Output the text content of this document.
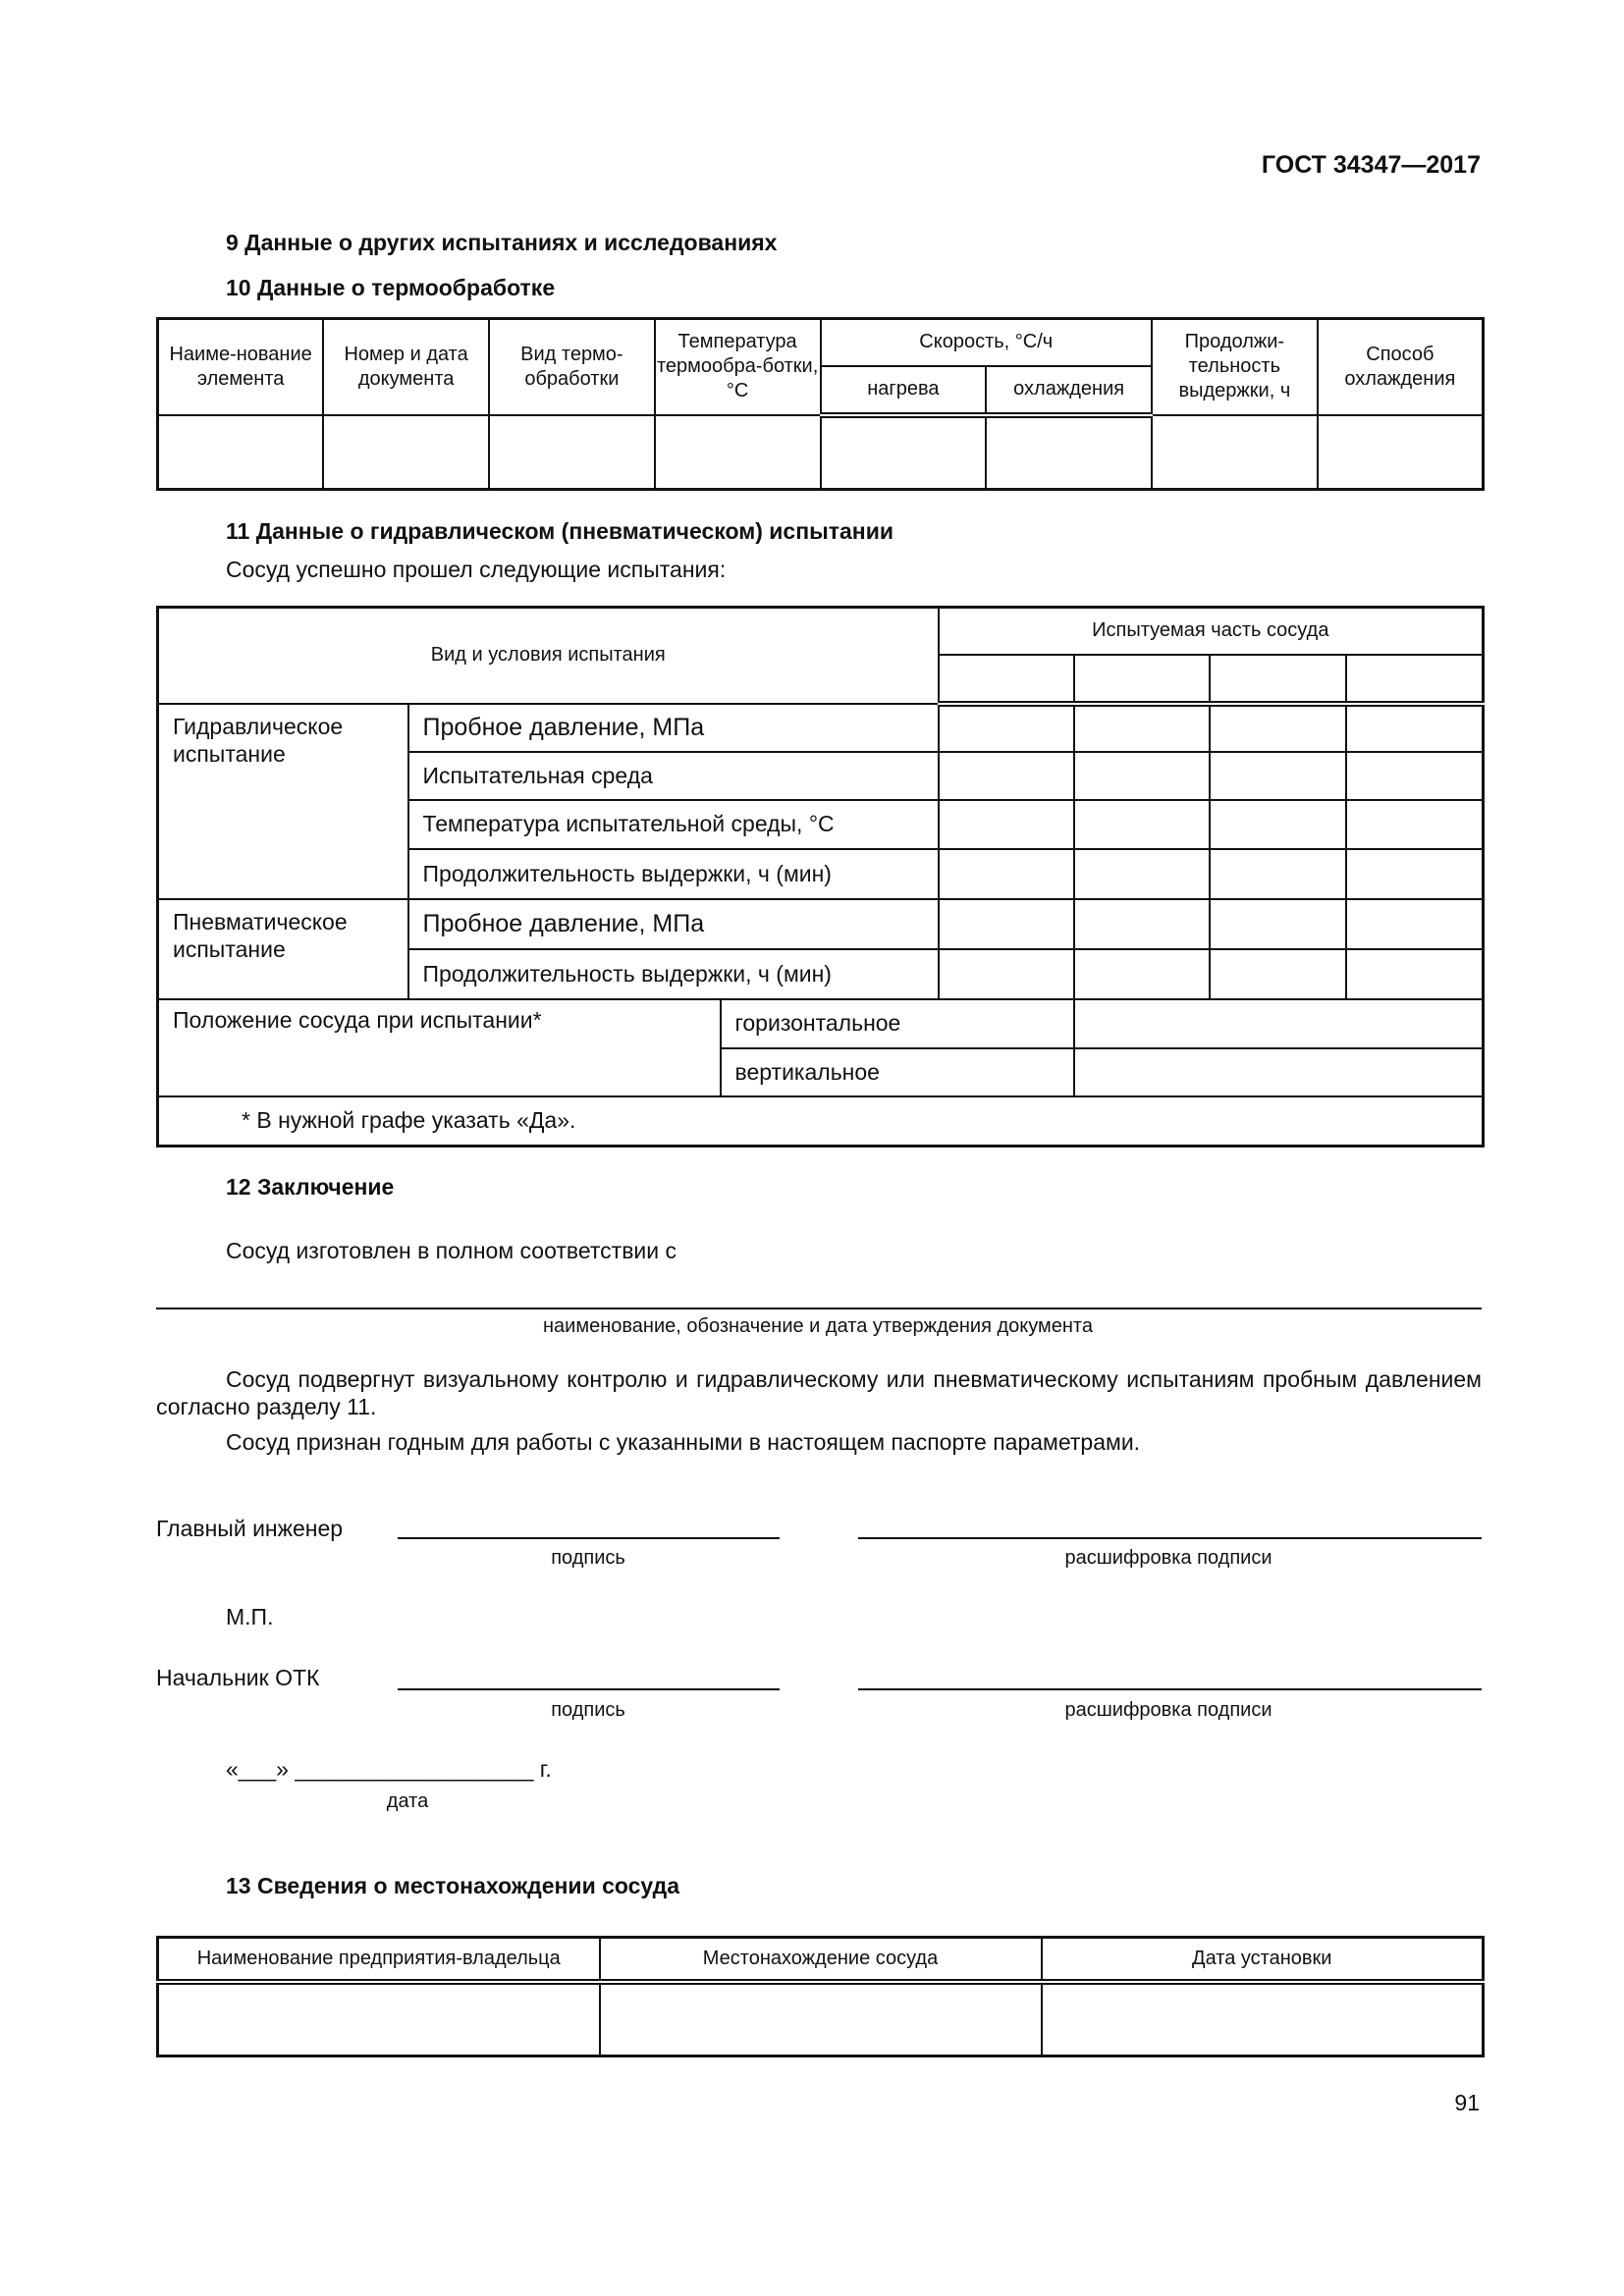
ГОСТ 34347—2017
9 Данные о других испытаниях и исследованиях
10 Данные о термообработке
Наиме-нование элемента	Номер и дата документа	Вид термо-обработки	Температура термообра-ботки, °С	Скорость, °С/ч		Продолжи-тельность выдержки, ч	Способ охлаждения
				нагрева	охлаждения		

11 Данные о гидравлическом (пневматическом) испытании
Сосуд успешно прошел следующие испытания:
Вид и условия испытания			Испытуемая часть сосуда			

Гидравлическое испытание	Пробное давление, МПа					
	Испытательная среда					
	Температура испытательной среды, °С					
	Продолжительность выдержки, ч (мин)					
Пневматическое испытание	Пробное давление, МПа					
	Продолжительность выдержки, ч (мин)					
Положение сосуда при испытании*		горизонтальное				
		вертикальное				
* В нужной графе указать «Да».						
12 Заключение
Сосуд изготовлен в полном соответствии с
наименование, обозначение и дата утверждения документа
Сосуд подвергнут визуальному контролю и гидравлическому или пневматическому испытаниям пробным давлением согласно разделу 11.
Сосуд признан годным для работы с указанными в настоящем паспорте параметрами.
Главный инженер
подпись	расшифровка подписи
М.П.
Начальник ОТК
подпись	расшифровка подписи
«___» ___________________ г.
дата
13 Сведения о местонахождении сосуда
Наименование предприятия-владельца	Местонахождение сосуда	Дата установки

91
